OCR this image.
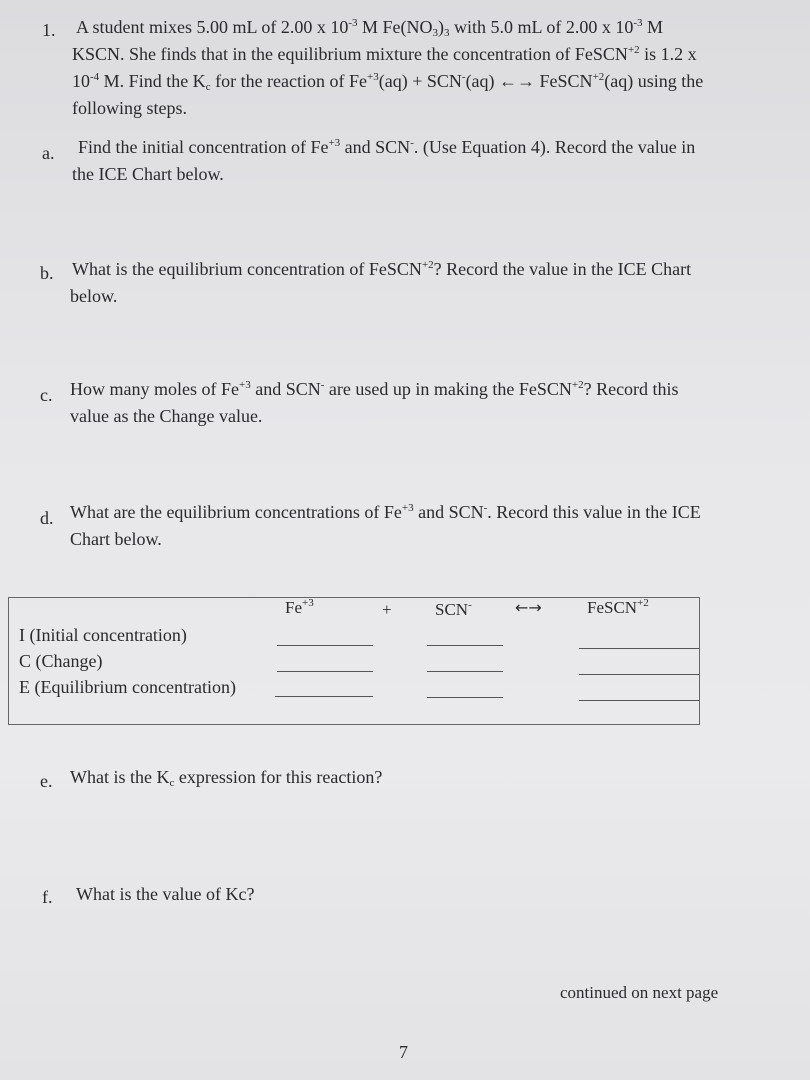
1. A student mixes 5.00 mL of 2.00 x $10^{-3}$ M $Fe(NO_3)_3$ with 5.0 mL of 2.00 x $10^{-3}$ M
KSCN. She finds that in the equilibrium mixture the concentration of FeSCN$^{+2}$ is 1.2 x
$10^{-4}$ M. Find the $K_c$ for the reaction of $Fe^{+3}(aq) + SCN^-(aq)$ ←→ FeSCN$^{+2}$(aq) using the
following steps.
a. Find the initial concentration of $Fe^{+3}$ and SCN-. (Use Equation 4). Record the value in
the ICE Chart below.
b. What is the equilibrium concentration of FeSCN$^{+2}$? Record the value in the ICE Chart
below.
c. How many moles of $Fe^{+3}$ and SCN- are used up in making the FeSCN$^{+2}$? Record this
value as the Change value.
d. What are the equilibrium concentrations of $Fe^{+3}$ and SCN-. Record this value in the ICE
Chart below.
$Fe^{+3}$	+	SCN-	←→	FeSCN$^{+2}$
I (Initial concentration)
C (Change)
E (Equilibrium concentration)
e. What is the $K_c$ expression for this reaction?
f. What is the value of Kc?
continued on next page
7
